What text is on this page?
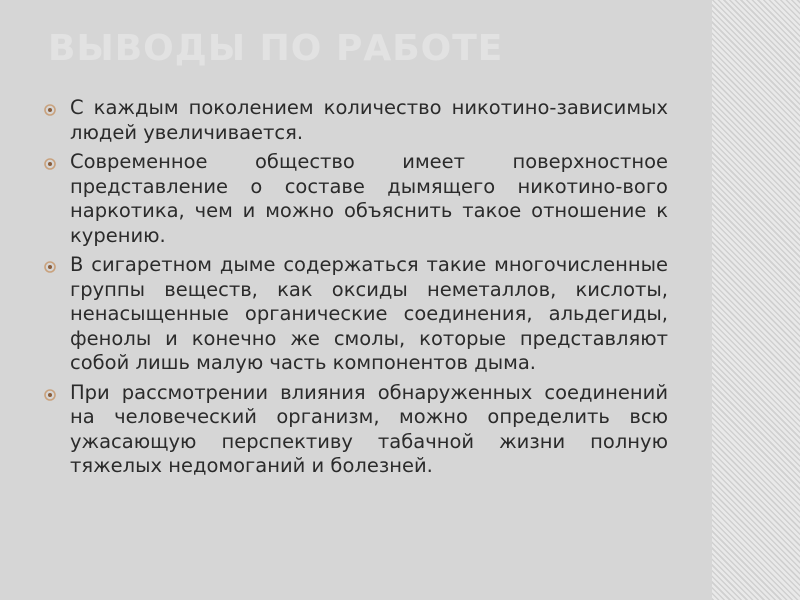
ВЫВОДЫ ПО РАБОТЕ
С каждым поколением количество никотино-зависимых людей увеличивается.
Современное общество имеет поверхностное представление о составе дымящего никотино-вого наркотика, чем и можно объяснить такое отношение к курению.
В сигаретном дыме содержаться такие многочисленные группы веществ, как оксиды неметаллов, кислоты, ненасыщенные органические соединения, альдегиды, фенолы и конечно же смолы, которые представляют собой лишь малую часть компонентов дыма.
При рассмотрении влияния обнаруженных соединений на человеческий организм, можно определить всю ужасающую перспективу табачной жизни полную тяжелых недомоганий и болезней.
